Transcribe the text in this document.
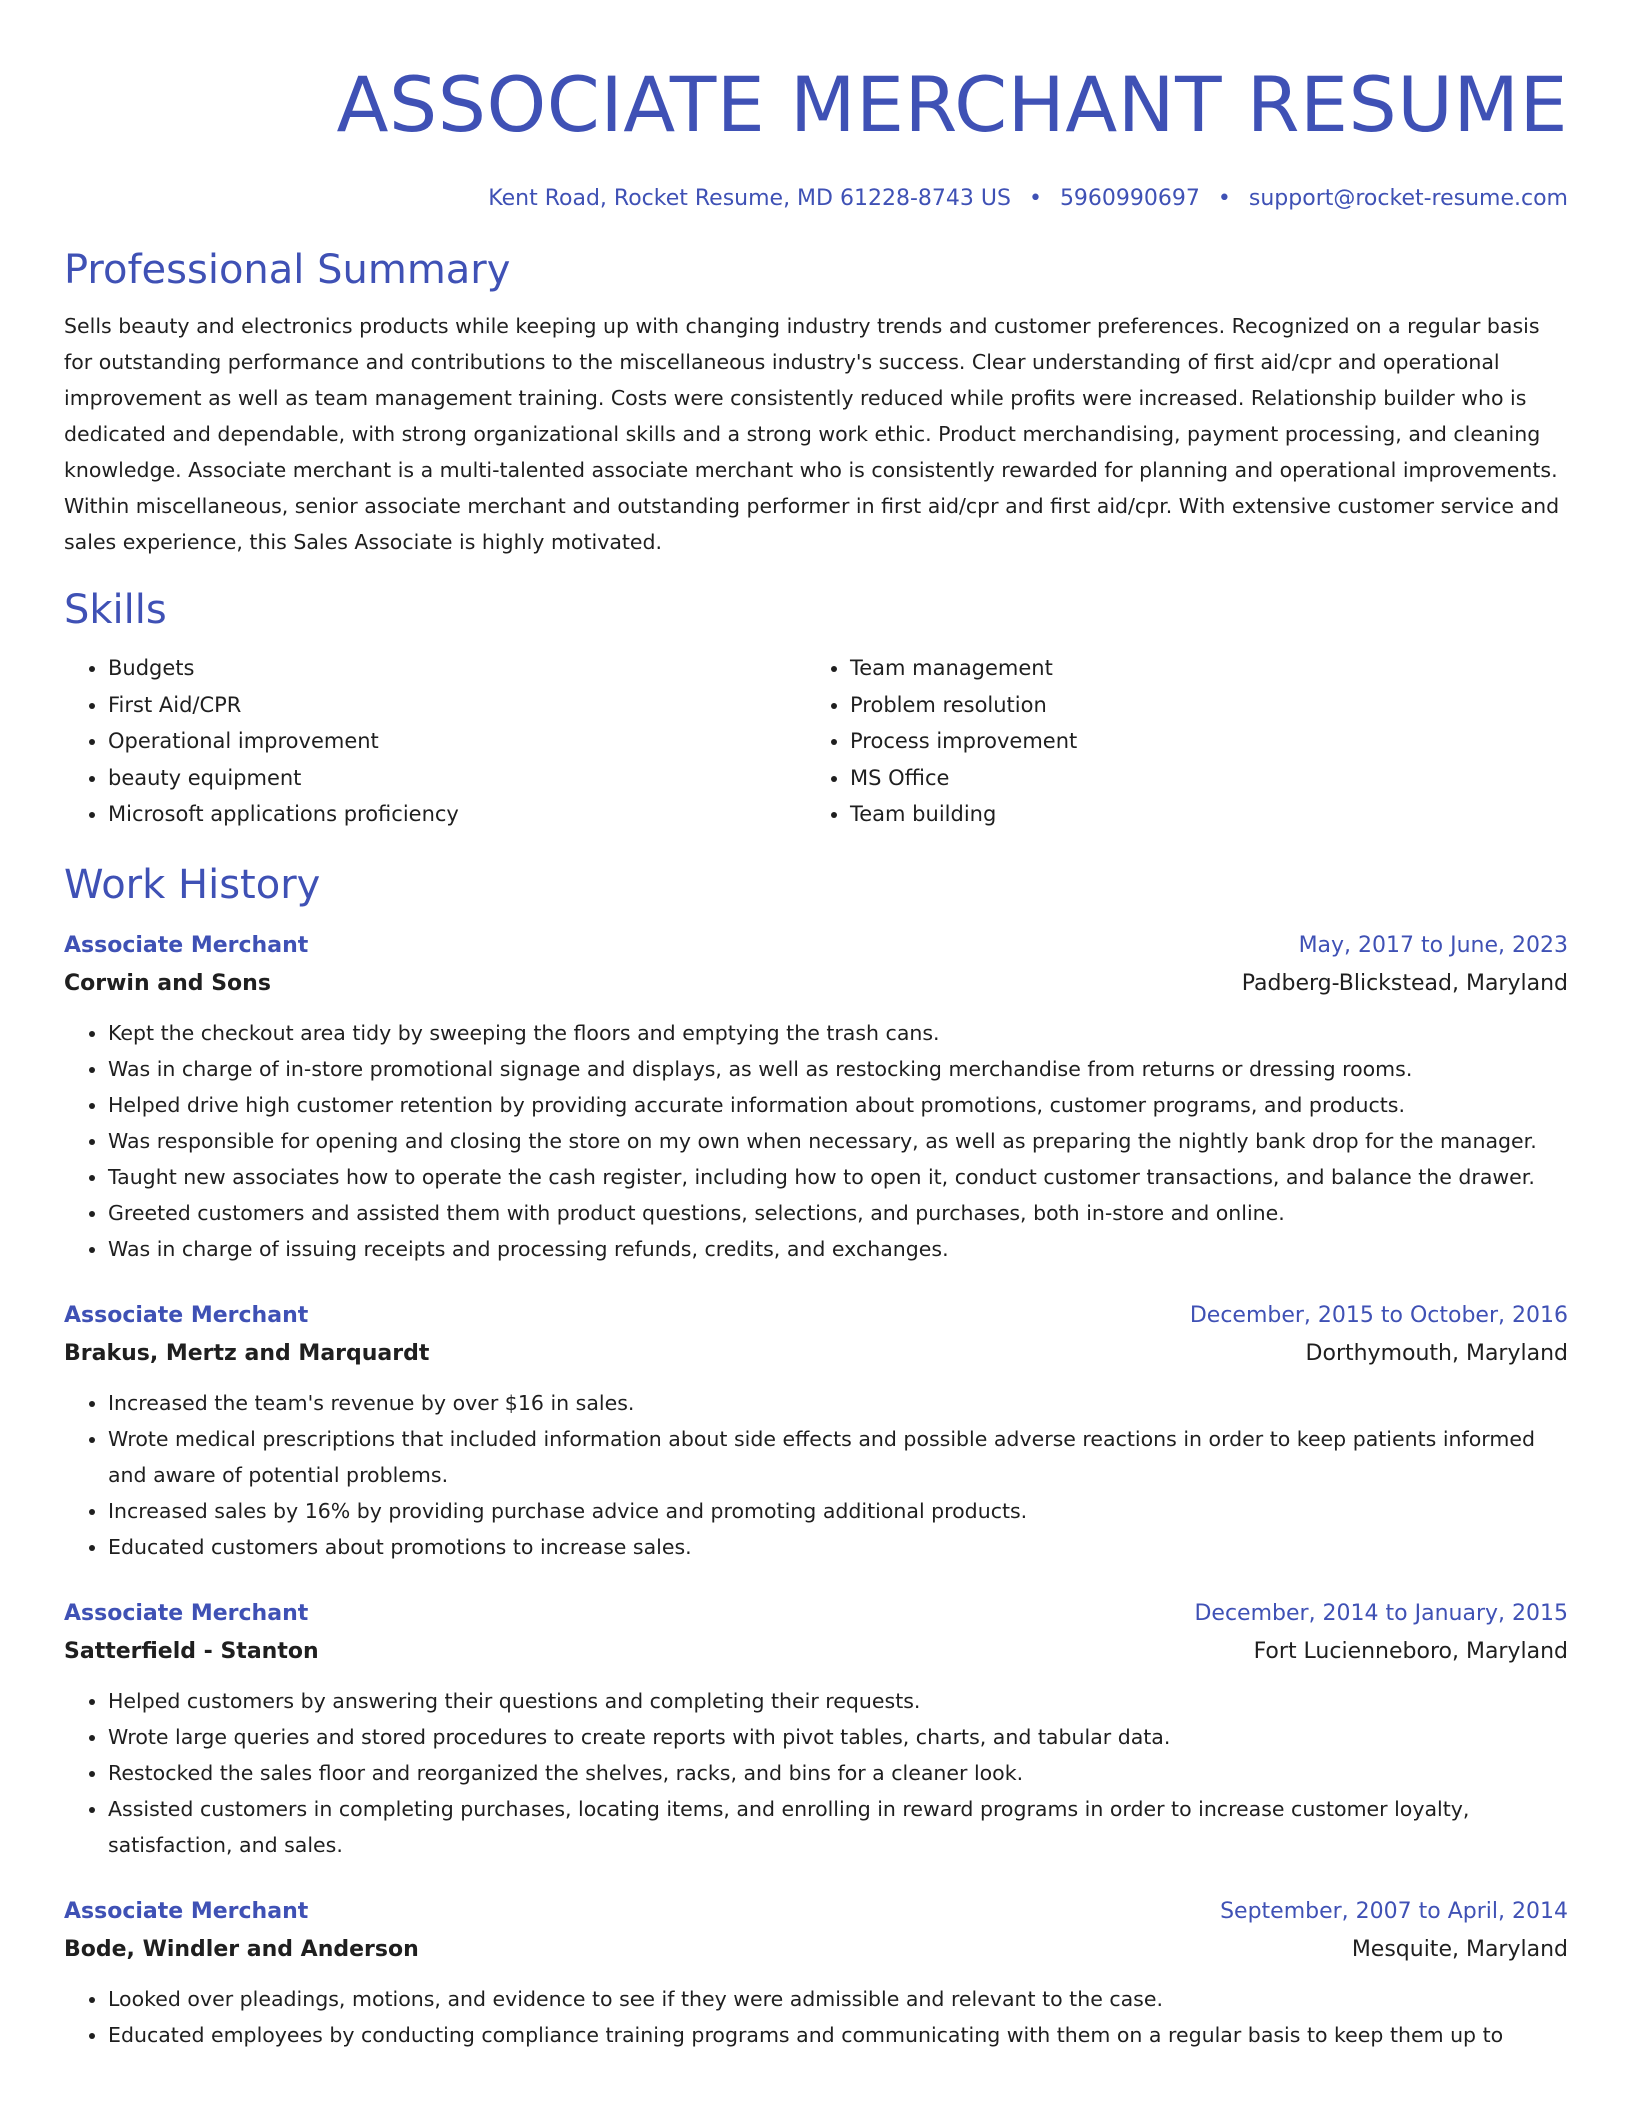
ASSOCIATE MERCHANT RESUME
Kent Road, Rocket Resume, MD 61228-8743 US • 5960990697 • support@rocket-resume.com
Professional Summary
Sells beauty and electronics products while keeping up with changing industry trends and customer preferences. Recognized on a regular basis for outstanding performance and contributions to the miscellaneous industry's success. Clear understanding of first aid/cpr and operational improvement as well as team management training. Costs were consistently reduced while profits were increased. Relationship builder who is dedicated and dependable, with strong organizational skills and a strong work ethic. Product merchandising, payment processing, and cleaning knowledge. Associate merchant is a multi-talented associate merchant who is consistently rewarded for planning and operational improvements. Within miscellaneous, senior associate merchant and outstanding performer in first aid/cpr and first aid/cpr. With extensive customer service and sales experience, this Sales Associate is highly motivated.
Skills
• Budgets
• First Aid/CPR
• Operational improvement
• beauty equipment
• Microsoft applications proficiency
• Team management
• Problem resolution
• Process improvement
• MS Office
• Team building
Work History
Associate Merchant	May, 2017 to June, 2023
Corwin and Sons	Padberg-Blickstead, Maryland
• Kept the checkout area tidy by sweeping the floors and emptying the trash cans.
• Was in charge of in-store promotional signage and displays, as well as restocking merchandise from returns or dressing rooms.
• Helped drive high customer retention by providing accurate information about promotions, customer programs, and products.
• Was responsible for opening and closing the store on my own when necessary, as well as preparing the nightly bank drop for the manager.
• Taught new associates how to operate the cash register, including how to open it, conduct customer transactions, and balance the drawer.
• Greeted customers and assisted them with product questions, selections, and purchases, both in-store and online.
• Was in charge of issuing receipts and processing refunds, credits, and exchanges.
Associate Merchant	December, 2015 to October, 2016
Brakus, Mertz and Marquardt	Dorthymouth, Maryland
• Increased the team's revenue by over $16 in sales.
• Wrote medical prescriptions that included information about side effects and possible adverse reactions in order to keep patients informed and aware of potential problems.
• Increased sales by 16% by providing purchase advice and promoting additional products.
• Educated customers about promotions to increase sales.
Associate Merchant	December, 2014 to January, 2015
Satterfield - Stanton	Fort Lucienneboro, Maryland
• Helped customers by answering their questions and completing their requests.
• Wrote large queries and stored procedures to create reports with pivot tables, charts, and tabular data.
• Restocked the sales floor and reorganized the shelves, racks, and bins for a cleaner look.
• Assisted customers in completing purchases, locating items, and enrolling in reward programs in order to increase customer loyalty, satisfaction, and sales.
Associate Merchant	September, 2007 to April, 2014
Bode, Windler and Anderson	Mesquite, Maryland
• Looked over pleadings, motions, and evidence to see if they were admissible and relevant to the case.
• Educated employees by conducting compliance training programs and communicating with them on a regular basis to keep them up to
